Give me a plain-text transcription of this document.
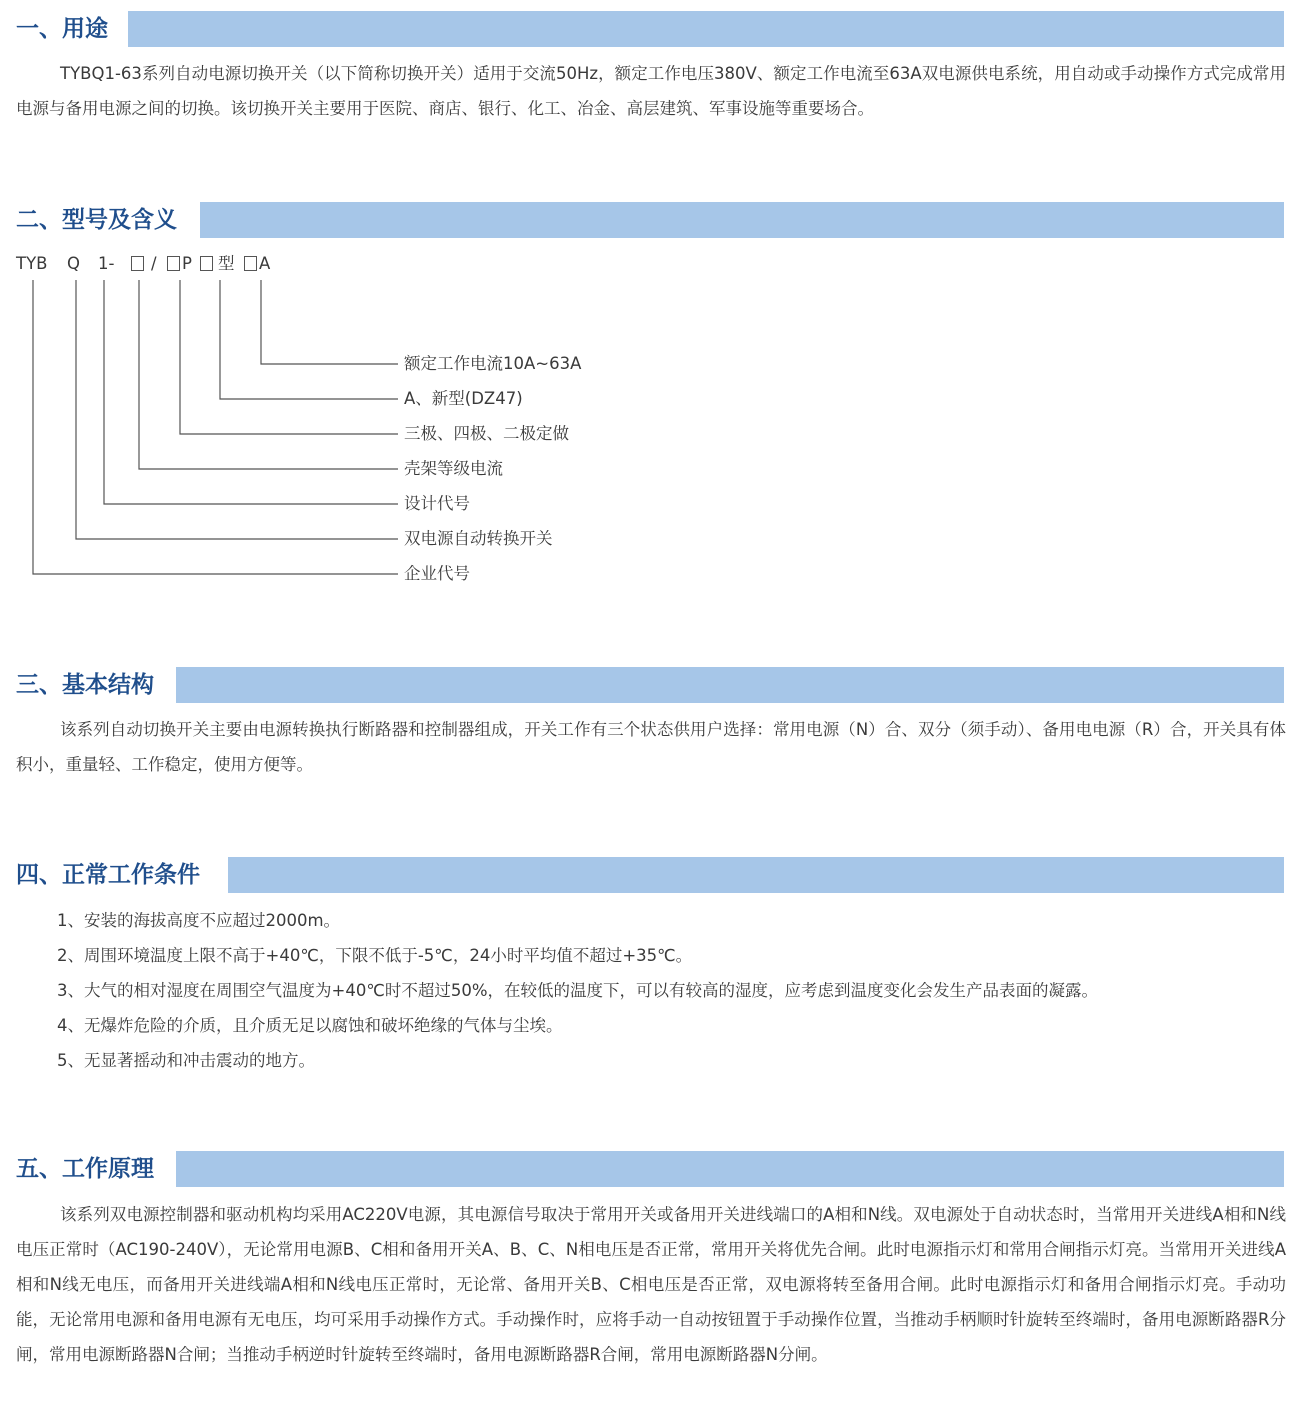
一、用途
TYBQ1-63系列自动电源切换开关（以下简称切换开关）适用于交流50Hz，额定工作电压380V、额定工作电流至63A双电源供电系统，用自动或手动操作方式完成常用电源与备用电源之间的切换。该切换开关主要用于医院、商店、银行、化工、冶金、高层建筑、军事设施等重要场合。
二、型号及含义
TYB Q 1- / P 型 A
额定工作电流10A~63A
A、新型(DZ47)
三极、四极、二极定做
壳架等级电流
设计代号
双电源自动转换开关
企业代号
三、基本结构
该系列自动切换开关主要由电源转换执行断路器和控制器组成，开关工作有三个状态供用户选择：常用电源（N）合、双分（须手动）、备用电电源（R）合，开关具有体积小，重量轻、工作稳定，使用方便等。
四、正常工作条件
1、安装的海拔高度不应超过2000m。
2、周围环境温度上限不高于+40℃，下限不低于-5℃，24小时平均值不超过+35℃。
3、大气的相对湿度在周围空气温度为+40℃时不超过50%，在较低的温度下，可以有较高的湿度，应考虑到温度变化会发生产品表面的凝露。
4、无爆炸危险的介质，且介质无足以腐蚀和破坏绝缘的气体与尘埃。
5、无显著摇动和冲击震动的地方。
五、工作原理
该系列双电源控制器和驱动机构均采用AC220V电源，其电源信号取决于常用开关或备用开关进线端口的A相和N线。双电源处于自动状态时，当常用开关进线A相和N线电压正常时（AC190-240V），无论常用电源B、C相和备用开关A、B、C、N相电压是否正常，常用开关将优先合闸。此时电源指示灯和常用合闸指示灯亮。当常用开关进线A相和N线无电压，而备用开关进线端A相和N线电压正常时，无论常、备用开关B、C相电压是否正常，双电源将转至备用合闸。此时电源指示灯和备用合闸指示灯亮。手动功能，无论常用电源和备用电源有无电压，均可采用手动操作方式。手动操作时，应将手动一自动按钮置于手动操作位置，当推动手柄顺时针旋转至终端时，备用电源断路器R分闸，常用电源断路器N合闸；当推动手柄逆时针旋转至终端时，备用电源断路器R合闸，常用电源断路器N分闸。
